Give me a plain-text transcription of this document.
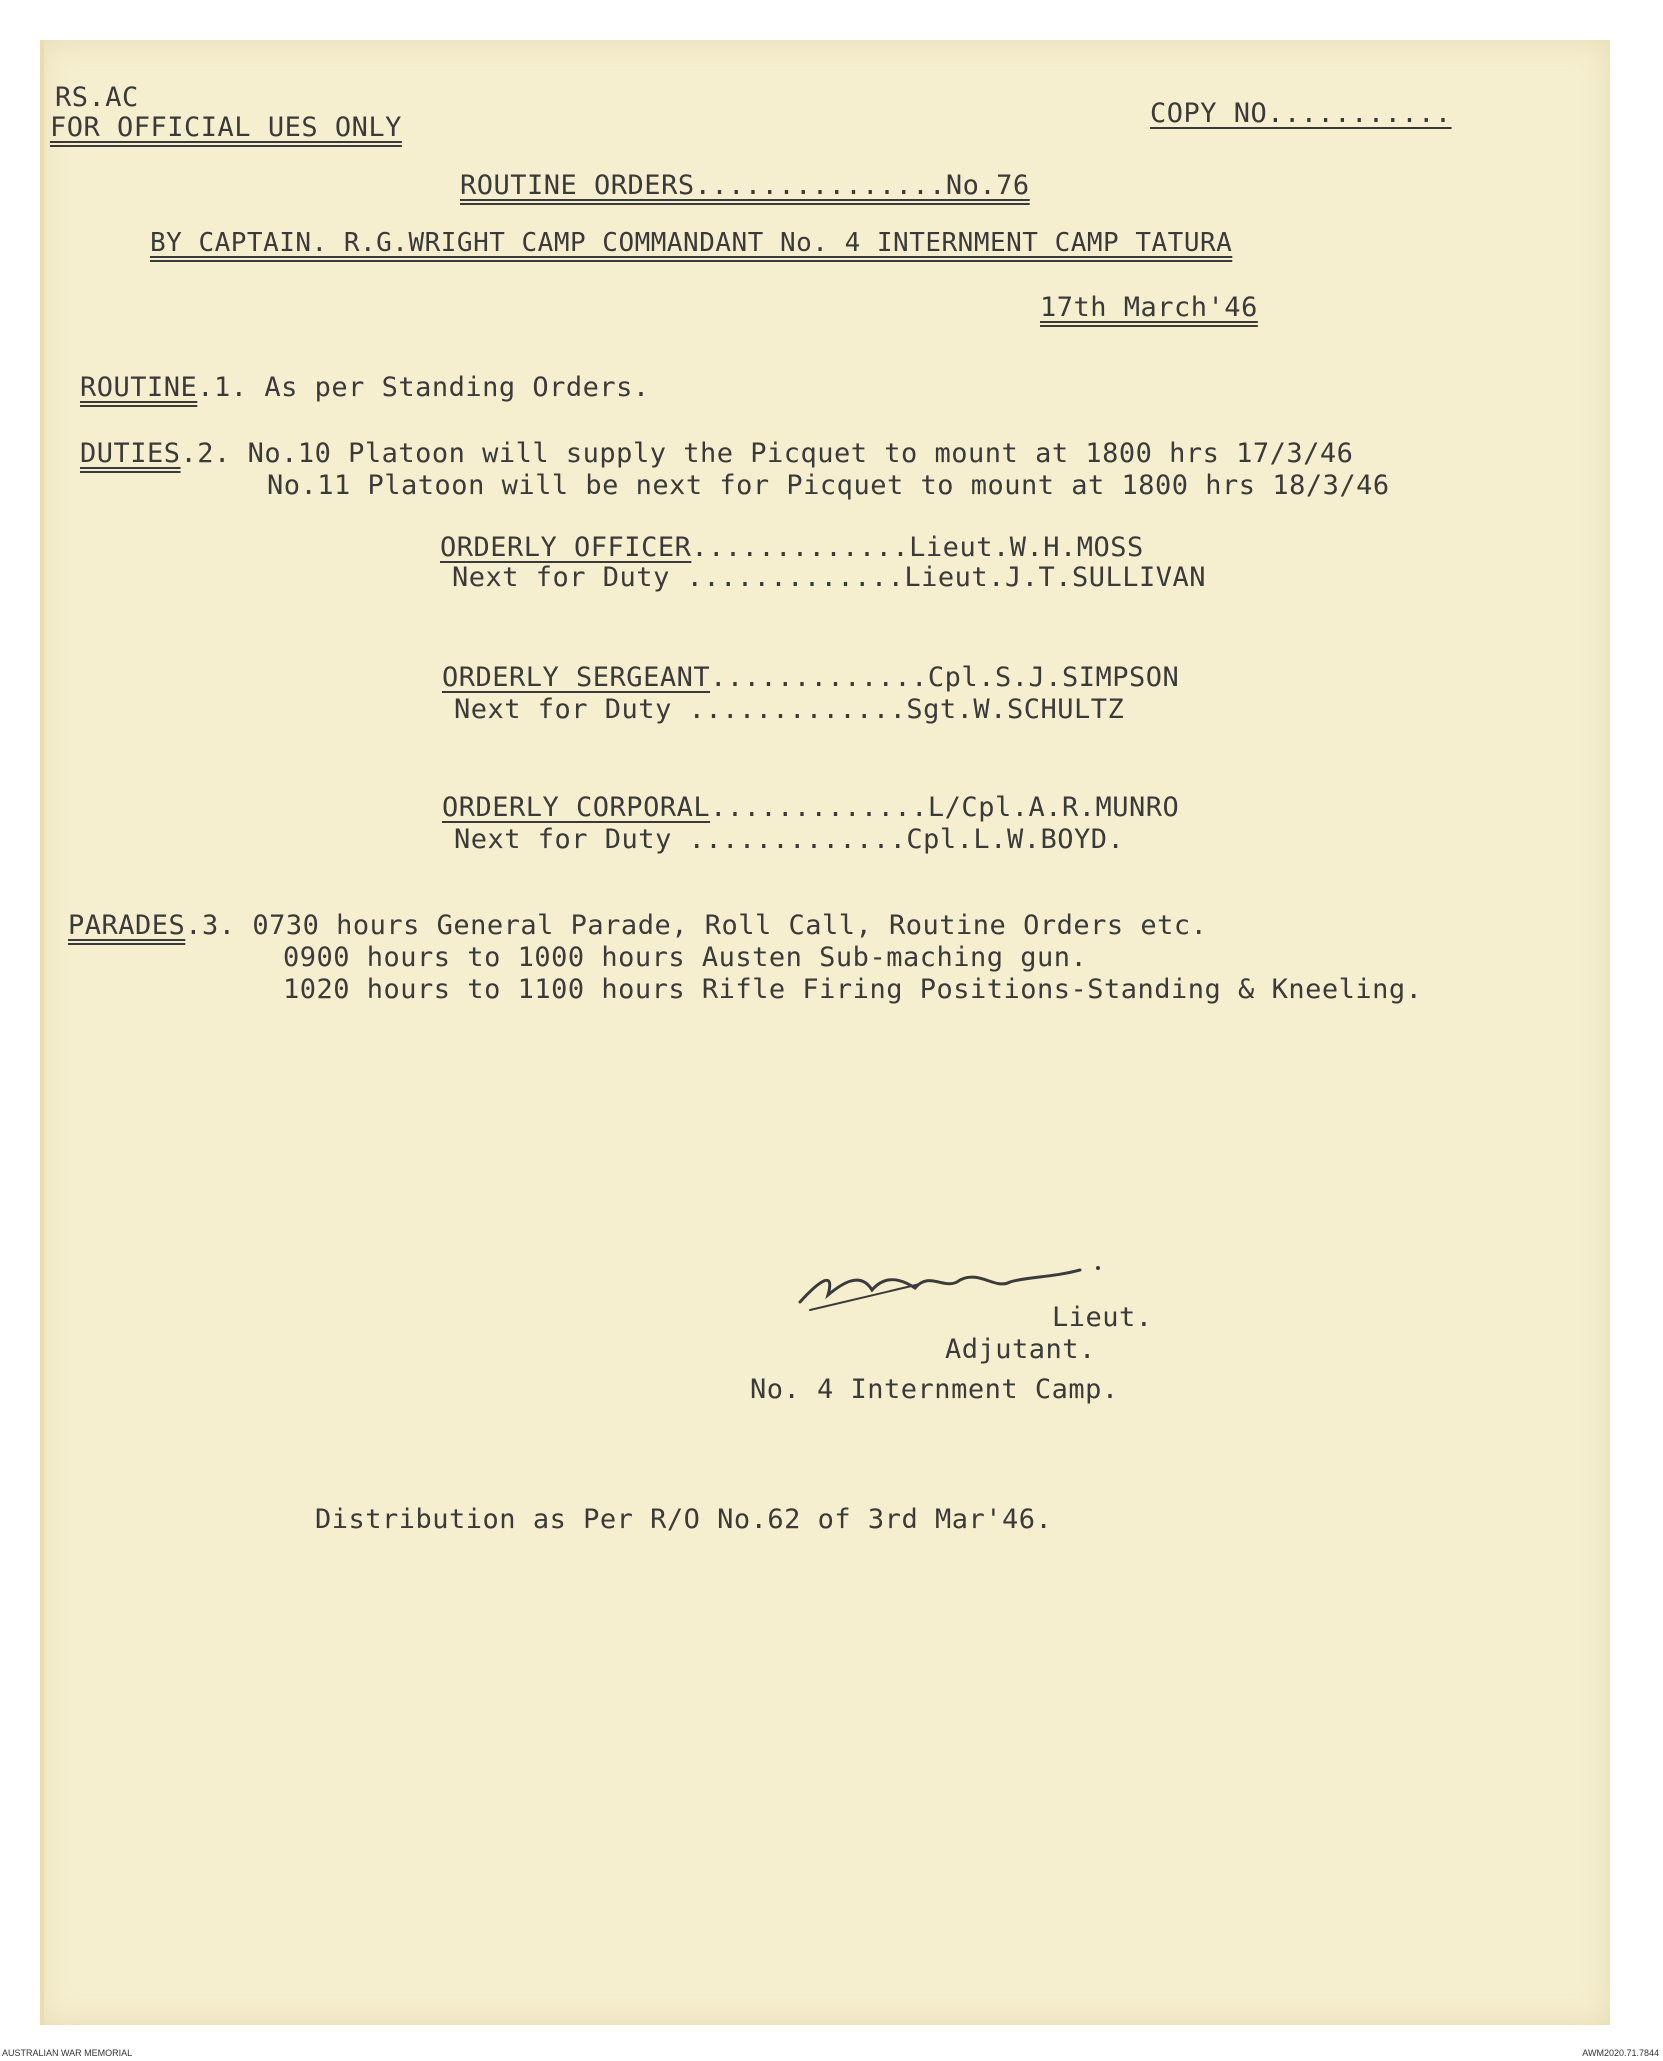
RS.AC
FOR OFFICIAL UES ONLY	COPY NO...........
ROUTINE ORDERS...............No.76
BY CAPTAIN. R.G.WRIGHT CAMP COMMANDANT No. 4 INTERNMENT CAMP TATURA
17th March'46
ROUTINE.1. As per Standing Orders.
DUTIES.2. No.10 Platoon will supply the Picquet to mount at 1800 hrs 17/3/46
No.11 Platoon will be next for Picquet to mount at 1800 hrs 18/3/46
ORDERLY OFFICER.............Lieut.W.H.MOSS
Next for Duty .............Lieut.J.T.SULLIVAN
ORDERLY SERGEANT.............Cpl.S.J.SIMPSON
Next for Duty .............Sgt.W.SCHULTZ
ORDERLY CORPORAL.............L/Cpl.A.R.MUNRO
Next for Duty .............Cpl.L.W.BOYD.
PARADES.3. 0730 hours General Parade, Roll Call, Routine Orders etc.
0900 hours to 1000 hours Austen Sub-maching gun.
1020 hours to 1100 hours Rifle Firing Positions-Standing & Kneeling.
Lieut.
Adjutant.
No. 4 Internment Camp.
Distribution as Per R/O No.62 of 3rd Mar'46.
AUSTRALIAN WAR MEMORIAL	AWM2020.71.7844
